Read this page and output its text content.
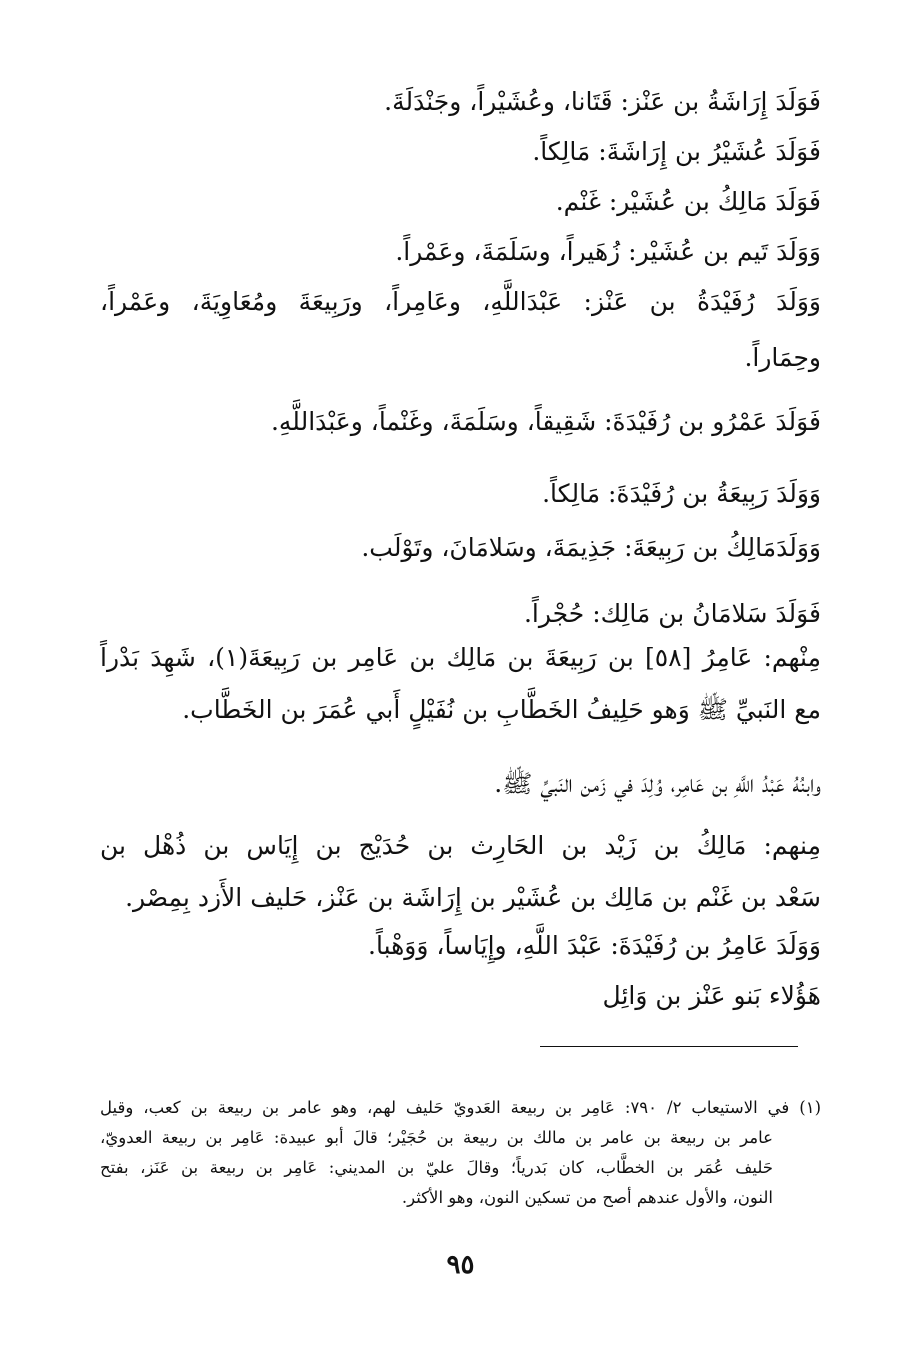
فَوَلَدَ إِرَاشَةُ بن عَنْز: قَتَانا، وعُشَيْراً، وجَنْدَلَةَ.
فَوَلَدَ عُشَيْرُ بن إِرَاشَةَ: مَالِكاً.
فَوَلَدَ مَالِكُ بن عُشَيْر: غَنْم.
وَوَلَدَ تَيم بن عُشَيْر: زُهَيراً، وسَلَمَةَ، وعَمْراً.
وَوَلَدَ رُفَيْدَةُ بن عَنْز: عَبْدَاللَّهِ، وعَامِراً، ورَبِيعَةَ ومُعَاوِيَةَ، وعَمْراً،
وحِمَاراً.
فَوَلَدَ عَمْرُو بن رُفَيْدَةَ: شَقِيقاً، وسَلَمَةَ، وغَنْماً، وعَبْدَاللَّهِ.
وَوَلَدَ رَبِيعَةُ بن رُفَيْدَةَ: مَالِكاً.
وَوَلَدَمَالِكُ بن رَبِيعَةَ: جَذِيمَةَ، وسَلامَانَ، وتَوْلَب.
فَوَلَدَ سَلامَانُ بن مَالِك: حُجْراً.
مِنْهم: عَامِرُ [٥٨] بن رَبِيعَةَ بن مَالِك بن عَامِر بن رَبِيعَةَ(١)، شَهِدَ بَدْراً
مع النَبيِّ ﷺ وَهو حَلِيفُ الخَطَّابِ بن نُفَيْلٍ أَبي عُمَرَ بن الخَطَّاب.
وابنُهُ عَبْدُ اللَّهِ بن عَامِر، وُلِدَ في زَمن النَبيِّ ﷺ.
مِنهم: مَالِكُ بن زَيْد بن الحَارِث بن حُدَيْج بن إِيَاس بن ذُهْل بن
سَعْد بن غَنْم بن مَالِك بن عُشَيْر بن إِرَاشَة بن عَنْز، حَليف الأَزد بِمِصْر.
وَوَلَدَ عَامِرُ بن رُفَيْدَةَ: عَبْدَ اللَّهِ، وإِيَاساً، وَوَهْباً.
هَؤُلاء بَنو عَنْز بن وَائِل
(١) في الاستيعاب ٢/ ٧٩٠: عَامِر بن ربيعة العَدويّ حَليف لهم، وهو عامر بن ربيعة بن كعب، وقيل
عامر بن ربيعة بن عامر بن مالك بن ربيعة بن حُجَيْر؛ قالَ أبو عبيدة: عَامِر بن ربيعة العدويّ،
حَليف عُمَر بن الخطَّاب، كان بَدرياً؛ وقالَ عليّ بن المديني: عَامِر بن ربيعة بن عَنَز، بفتح
النون، والأول عندهم أصح من تسكين النون، وهو الأكثر.
٩٥
